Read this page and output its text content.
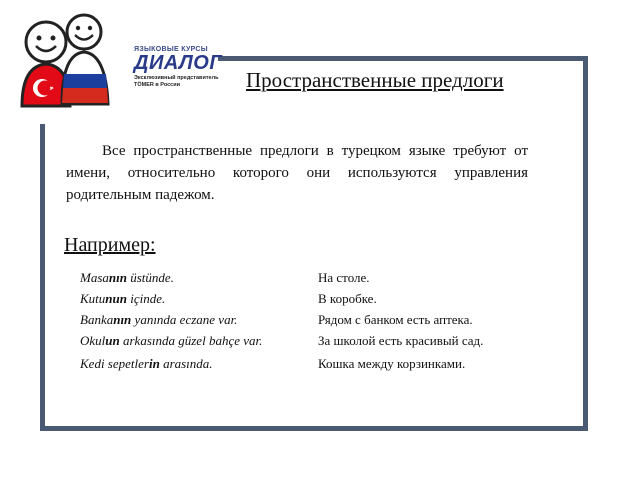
ЯЗЫКОВЫЕ КУРСЫ
ДИАЛОГ
Эксклюзивный представитель
TÖMER в России	Пространственные предлоги
Все пространственные предлоги в турецком языке требуют от имени, относительно которого они используются управления родительным падежом.
Например:
Masanın üstünde.	На столе.
Kutunun içinde.	В коробке.
Bankanın yanında eczane var.	Рядом с банком есть аптека.
Okulun arkasında güzel bahçe var.	За школой есть красивый сад.
Kedi sepetlerin arasında.	Кошка между корзинками.
